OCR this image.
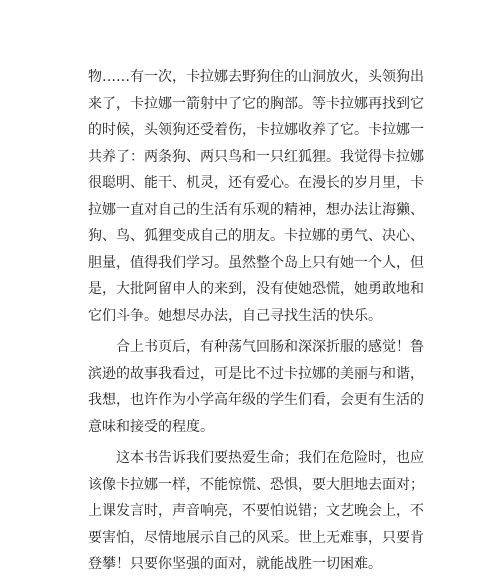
物……有一次，卡拉娜去野狗住的山洞放火，头领狗出
来了，卡拉娜一箭射中了它的胸部。等卡拉娜再找到它
的时候，头领狗还受着伤，卡拉娜收养了它。卡拉娜一
共养了：两条狗、两只鸟和一只红狐狸。我觉得卡拉娜
很聪明、能干、机灵，还有爱心。在漫长的岁月里，卡
拉娜一直对自己的生活有乐观的精神，想办法让海獭、
狗、鸟、狐狸变成自己的朋友。卡拉娜的勇气、决心、
胆量，值得我们学习。虽然整个岛上只有她一个人，但
是，大批阿留申人的来到，没有使她恐慌，她勇敢地和
它们斗争。她想尽办法，自己寻找生活的快乐。
合上书页后，有种荡气回肠和深深折服的感觉！鲁
滨逊的故事我看过，可是比不过卡拉娜的美丽与和谐，
我想，也许作为小学高年级的学生们看，会更有生活的
意味和接受的程度。
这本书告诉我们要热爱生命；我们在危险时，也应
该像卡拉娜一样，不能惊慌、恐惧，要大胆地去面对；
上课发言时，声音响亮，不要怕说错；文艺晚会上，不
要害怕，尽情地展示自己的风采。世上无难事，只要肯
登攀！只要你坚强的面对，就能战胜一切困难。
